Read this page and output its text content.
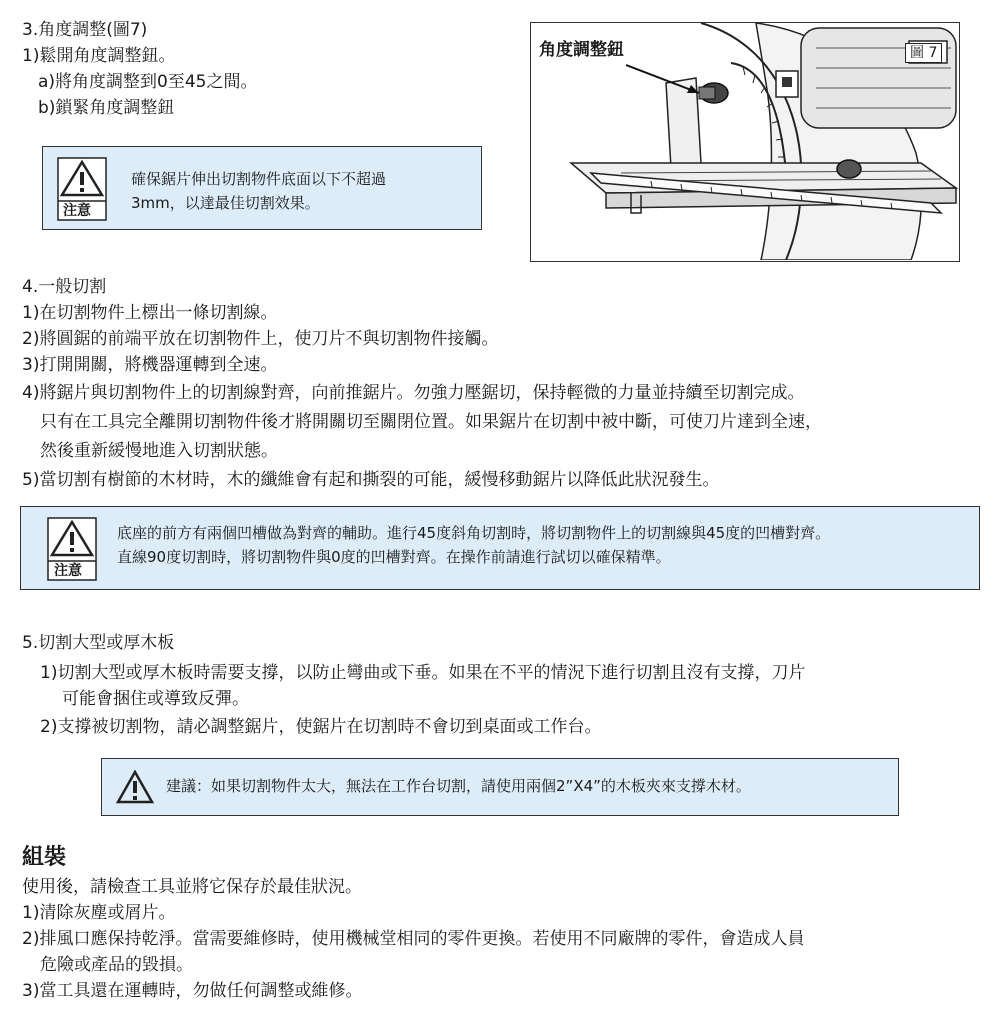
3.角度調整(圖7)
1)鬆開角度調整鈕。
a)將角度調整到0至45之間。
b)鎖緊角度調整鈕
注意
確保鋸片伸出切割物件底面以下不超過
3mm，以達最佳切割效果。
角度調整鈕	圖 7
4.一般切割
1)在切割物件上標出一條切割線。
2)將圓鋸的前端平放在切割物件上，使刀片不與切割物件接觸。
3)打開開關，將機器運轉到全速。
4)將鋸片與切割物件上的切割線對齊，向前推鋸片。勿強力壓鋸切，保持輕微的力量並持續至切割完成。
只有在工具完全離開切割物件後才將開關切至關閉位置。如果鋸片在切割中被中斷，可使刀片達到全速，
然後重新緩慢地進入切割狀態。
5)當切割有樹節的木材時，木的纖維會有起和撕裂的可能，緩慢移動鋸片以降低此狀況發生。
注意
底座的前方有兩個凹槽做為對齊的輔助。進行45度斜角切割時，將切割物件上的切割線與45度的凹槽對齊。
直線90度切割時，將切割物件與0度的凹槽對齊。在操作前請進行試切以確保精準。
5.切割大型或厚木板
1)切割大型或厚木板時需要支撐，以防止彎曲或下垂。如果在不平的情況下進行切割且沒有支撐，刀片
可能會捆住或導致反彈。
2)支撐被切割物，請必調整鋸片，使鋸片在切割時不會切到桌面或工作台。
建議：如果切割物件太大，無法在工作台切割，請使用兩個2”X4”的木板夾來支撐木材。
組裝
使用後，請檢查工具並將它保存於最佳狀況。
1)清除灰塵或屑片。
2)排風口應保持乾淨。當需要維修時，使用機械堂相同的零件更換。若使用不同廠牌的零件，會造成人員
危險或產品的毀損。
3)當工具還在運轉時，勿做任何調整或維修。
